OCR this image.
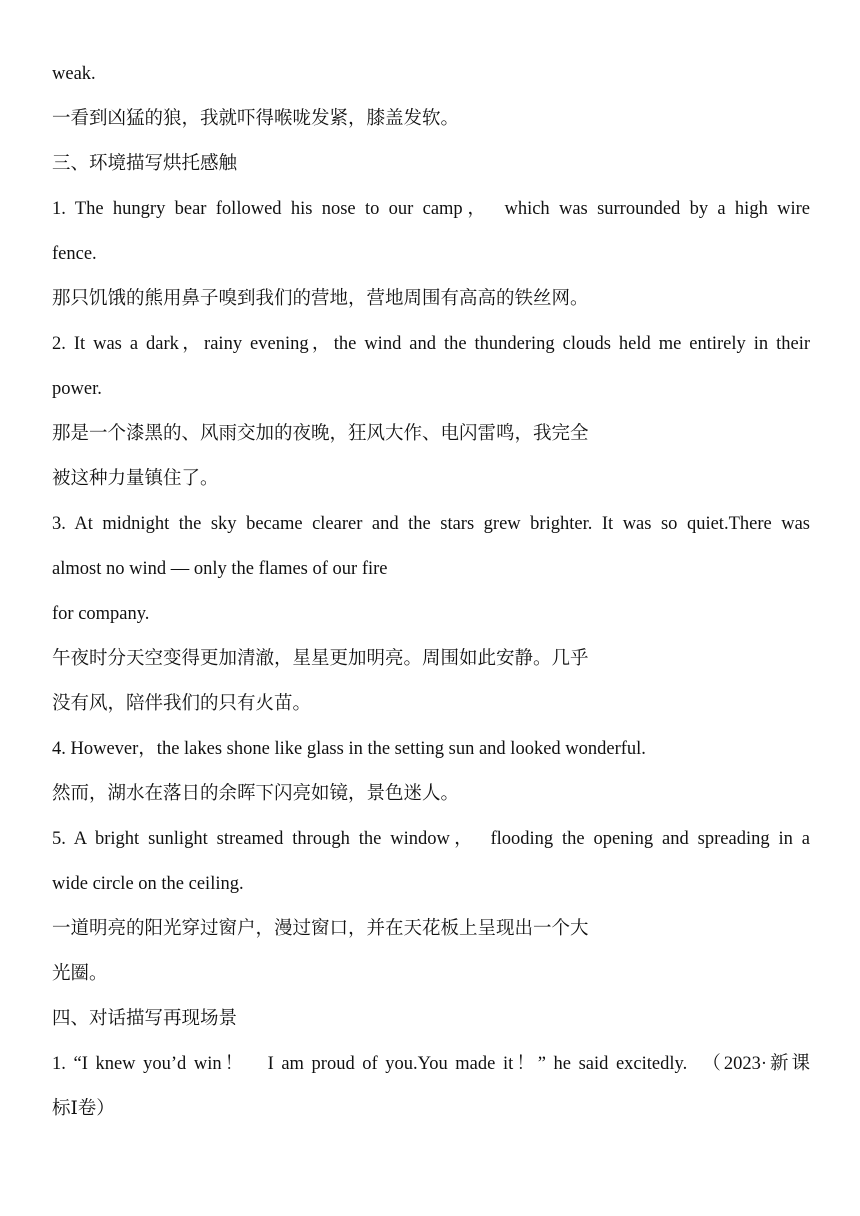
weak.
一看到凶猛的狼，我就吓得喉咙发紧，膝盖发软。
三、环境描写烘托感触
1. The hungry bear followed his nose to our camp，　which was surrounded by a high wire
fence.
那只饥饿的熊用鼻子嗅到我们的营地，营地周围有高高的铁丝网。
2. It was a dark，rainy evening，the wind and the thundering clouds held me entirely in their
power.
那是一个漆黑的、风雨交加的夜晚，狂风大作、电闪雷鸣，我完全
被这种力量镇住了。
3. At midnight the sky became clearer and the stars grew brighter. It was so quiet.There was
almost no wind — only the flames of our fire
for company.
午夜时分天空变得更加清澈，星星更加明亮。周围如此安静。几乎
没有风，陪伴我们的只有火苗。
4. However，the lakes shone like glass in the setting sun and looked wonderful.
然而，湖水在落日的余晖下闪亮如镜，景色迷人。
5. A bright sunlight streamed through the window，　flooding the opening and spreading in a
wide circle on the ceiling.
一道明亮的阳光穿过窗户，漫过窗口，并在天花板上呈现出一个大
光圈。
四、对话描写再现场景
1. “I knew you’d win！　I am proud of you.You made it！” he said excitedly.　（2023·新课
标Ⅰ卷）
